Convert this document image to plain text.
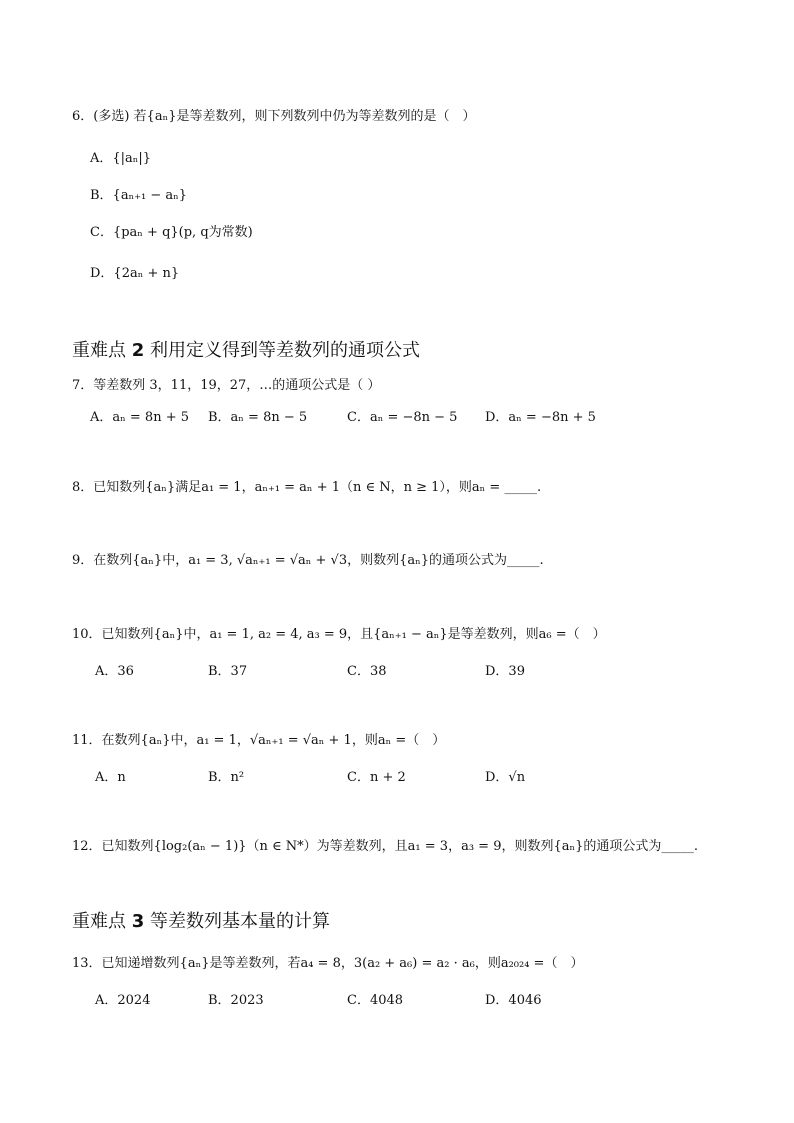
6．(多选) 若{aₙ}是等差数列，则下列数列中仍为等差数列的是（　）
A．{|aₙ|}
B．{aₙ₊₁ − aₙ}
C．{paₙ + q}(p, q为常数)
D．{2aₙ + n}
重难点 2 利用定义得到等差数列的通项公式
7．等差数列 3，11，19，27，…的通项公式是（ ）
A．aₙ = 8n + 5 B．aₙ = 8n − 5	C．aₙ = −8n − 5 D．aₙ = −8n + 5
8．已知数列{aₙ}满足a₁ = 1，aₙ₊₁ = aₙ + 1（n ∈ N，n ≥ 1），则aₙ = _____.
9．在数列{aₙ}中，a₁ = 3, √aₙ₊₁ = √aₙ + √3，则数列{aₙ}的通项公式为_____.
10．已知数列{aₙ}中，a₁ = 1, a₂ = 4, a₃ = 9，且{aₙ₊₁ − aₙ}是等差数列，则a₆ =（　）
A．36	B．37	C．38	D．39
11．在数列{aₙ}中，a₁ = 1，√aₙ₊₁ = √aₙ + 1，则aₙ =（　）
A．n	B．n²	C．n + 2	D．√n
12．已知数列{log₂(aₙ − 1)}（n ∈ N*）为等差数列，且a₁ = 3，a₃ = 9，则数列{aₙ}的通项公式为_____.
重难点 3 等差数列基本量的计算
13．已知递增数列{aₙ}是等差数列，若a₄ = 8，3(a₂ + a₆) = a₂ · a₆，则a₂₀₂₄ =（　）
A．2024	B．2023	C．4048	D．4046
